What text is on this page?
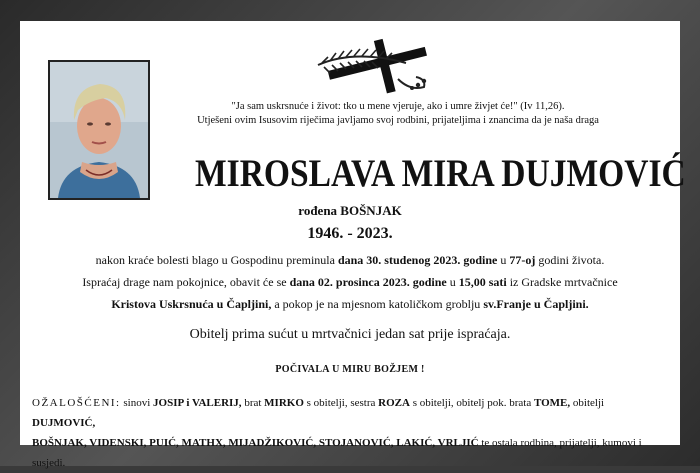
"Ja sam uskrsnuće i život: tko u mene vjeruje, ako i umre živjet će!" (Iv 11,26).
Utješeni ovim Isusovim riječima javljamo svoj rodbini, prijateljima i znancima da je naša draga
MIROSLAVA MIRA DUJMOVIĆ
rođena BOŠNJAK
1946. - 2023.
nakon kraće bolesti blago u Gospodinu preminula dana 30. studenog 2023. godine u 77-oj godini života.
Ispraćaj drage nam pokojnice, obavit će se dana 02. prosinca 2023. godine u 15,00 sati iz Gradske mrtvačnice
Kristova Uskrsnuća u Čapljini, a pokop je na mjesnom katoličkom groblju sv.Franje u Čapljini.
Obitelj prima sućut u mrtvačnici jedan sat prije ispraćaja.
POČIVALA U MIRU BOŽJEM !
OŽALOŠĆENI: sinovi JOSIP i VALERIJ, brat MIRKO s obitelji, sestra ROZA s obitelji, obitelj pok. brata TOME, obitelji DUJMOVIĆ,
BOŠNJAK, VIDENSKI, PUIĆ, MATHX, MIJADŽIKOVIĆ, STOJANOVIĆ, LAKIĆ, VRLJIĆ te ostala rodbina, prijatelji, kumovi i susjedi.
